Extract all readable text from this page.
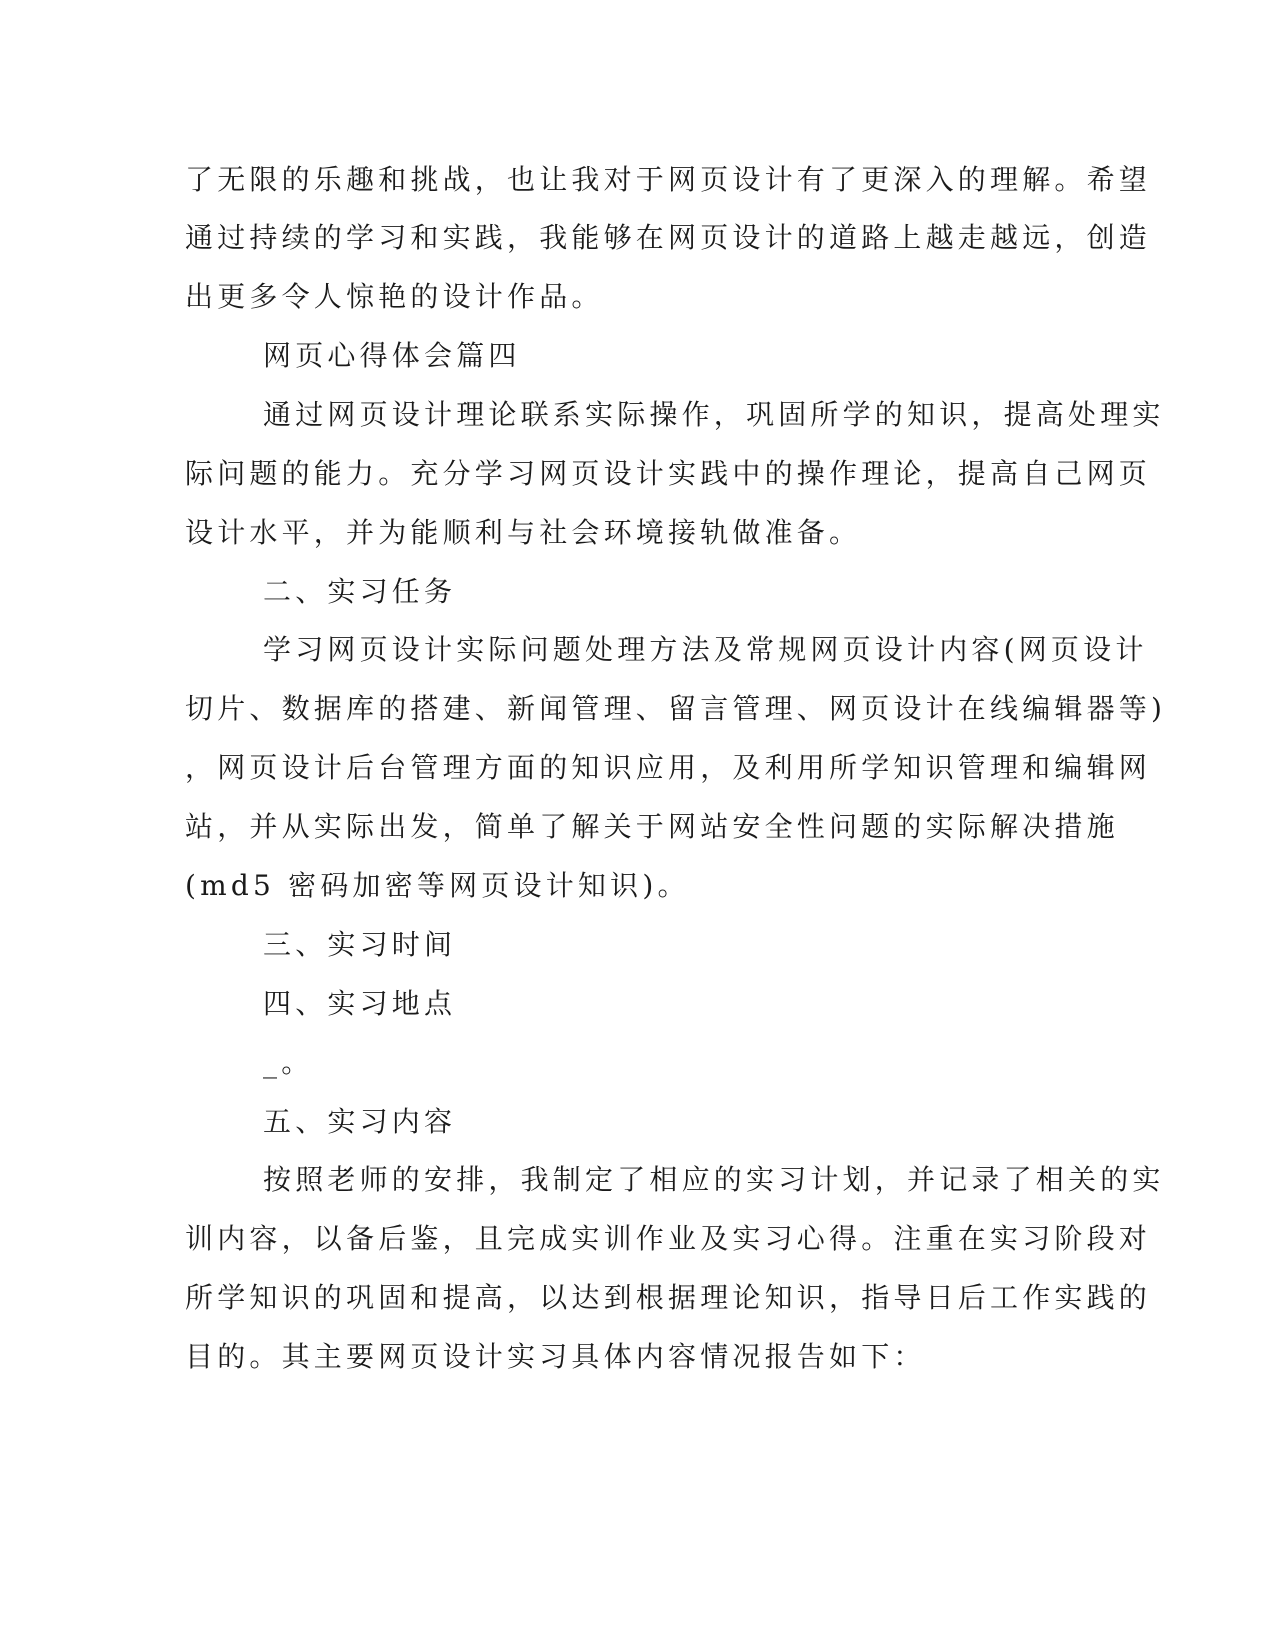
了无限的乐趣和挑战，也让我对于网页设计有了更深入的理解。希望
通过持续的学习和实践，我能够在网页设计的道路上越走越远，创造
出更多令人惊艳的设计作品。
网页心得体会篇四
通过网页设计理论联系实际操作，巩固所学的知识，提高处理实
际问题的能力。充分学习网页设计实践中的操作理论，提高自己网页
设计水平，并为能顺利与社会环境接轨做准备。
二、实习任务
学习网页设计实际问题处理方法及常规网页设计内容(网页设计
切片、数据库的搭建、新闻管理、留言管理、网页设计在线编辑器等)
，网页设计后台管理方面的知识应用，及利用所学知识管理和编辑网
站，并从实际出发，简单了解关于网站安全性问题的实际解决措施
(md5 密码加密等网页设计知识)。
三、实习时间
四、实习地点
_。
五、实习内容
按照老师的安排，我制定了相应的实习计划，并记录了相关的实
训内容，以备后鉴，且完成实训作业及实习心得。注重在实习阶段对
所学知识的巩固和提高，以达到根据理论知识，指导日后工作实践的
目的。其主要网页设计实习具体内容情况报告如下：
